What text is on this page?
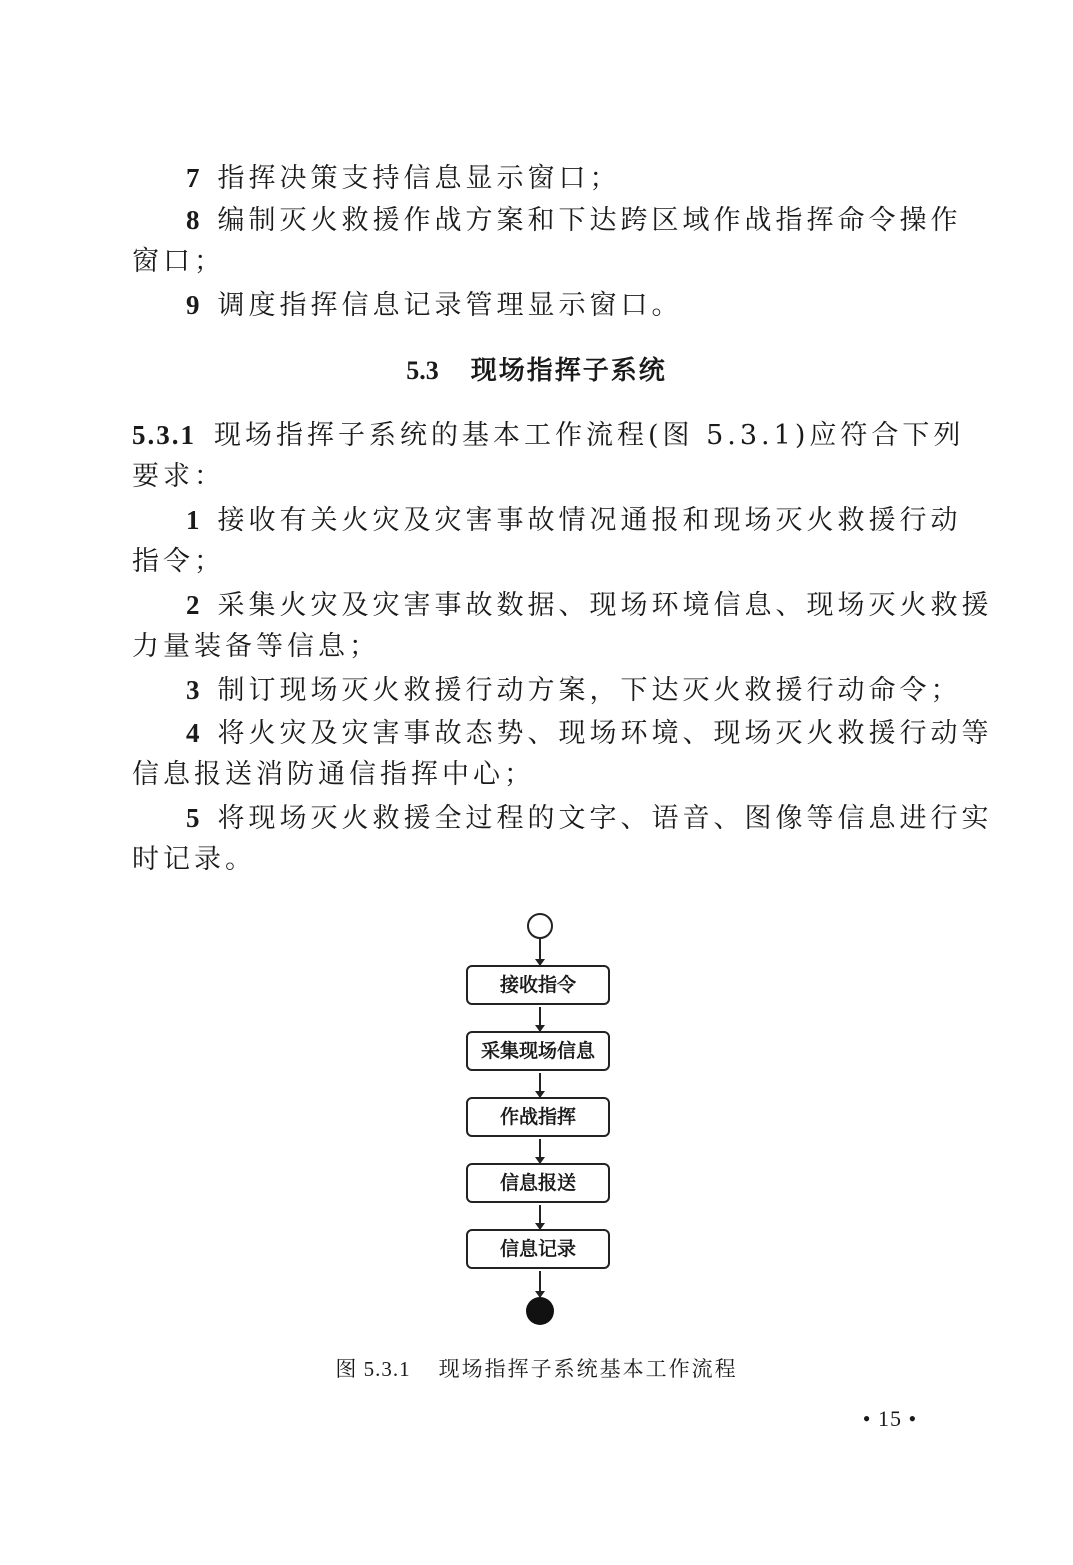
7 指挥决策支持信息显示窗口；
8 编制灭火救援作战方案和下达跨区域作战指挥命令操作
窗口；
9 调度指挥信息记录管理显示窗口。
5.3 现场指挥子系统
5.3.1 现场指挥子系统的基本工作流程(图 5.3.1)应符合下列
要求：
1 接收有关火灾及灾害事故情况通报和现场灭火救援行动
指令；
2 采集火灾及灾害事故数据、现场环境信息、现场灭火救援
力量装备等信息；
3 制订现场灭火救援行动方案，下达灭火救援行动命令；
4 将火灾及灾害事故态势、现场环境、现场灭火救援行动等
信息报送消防通信指挥中心；
5 将现场灭火救援全过程的文字、语音、图像等信息进行实
时记录。
接收指令
采集现场信息
作战指挥
信息报送
信息记录
图 5.3.1 现场指挥子系统基本工作流程
• 15 •
